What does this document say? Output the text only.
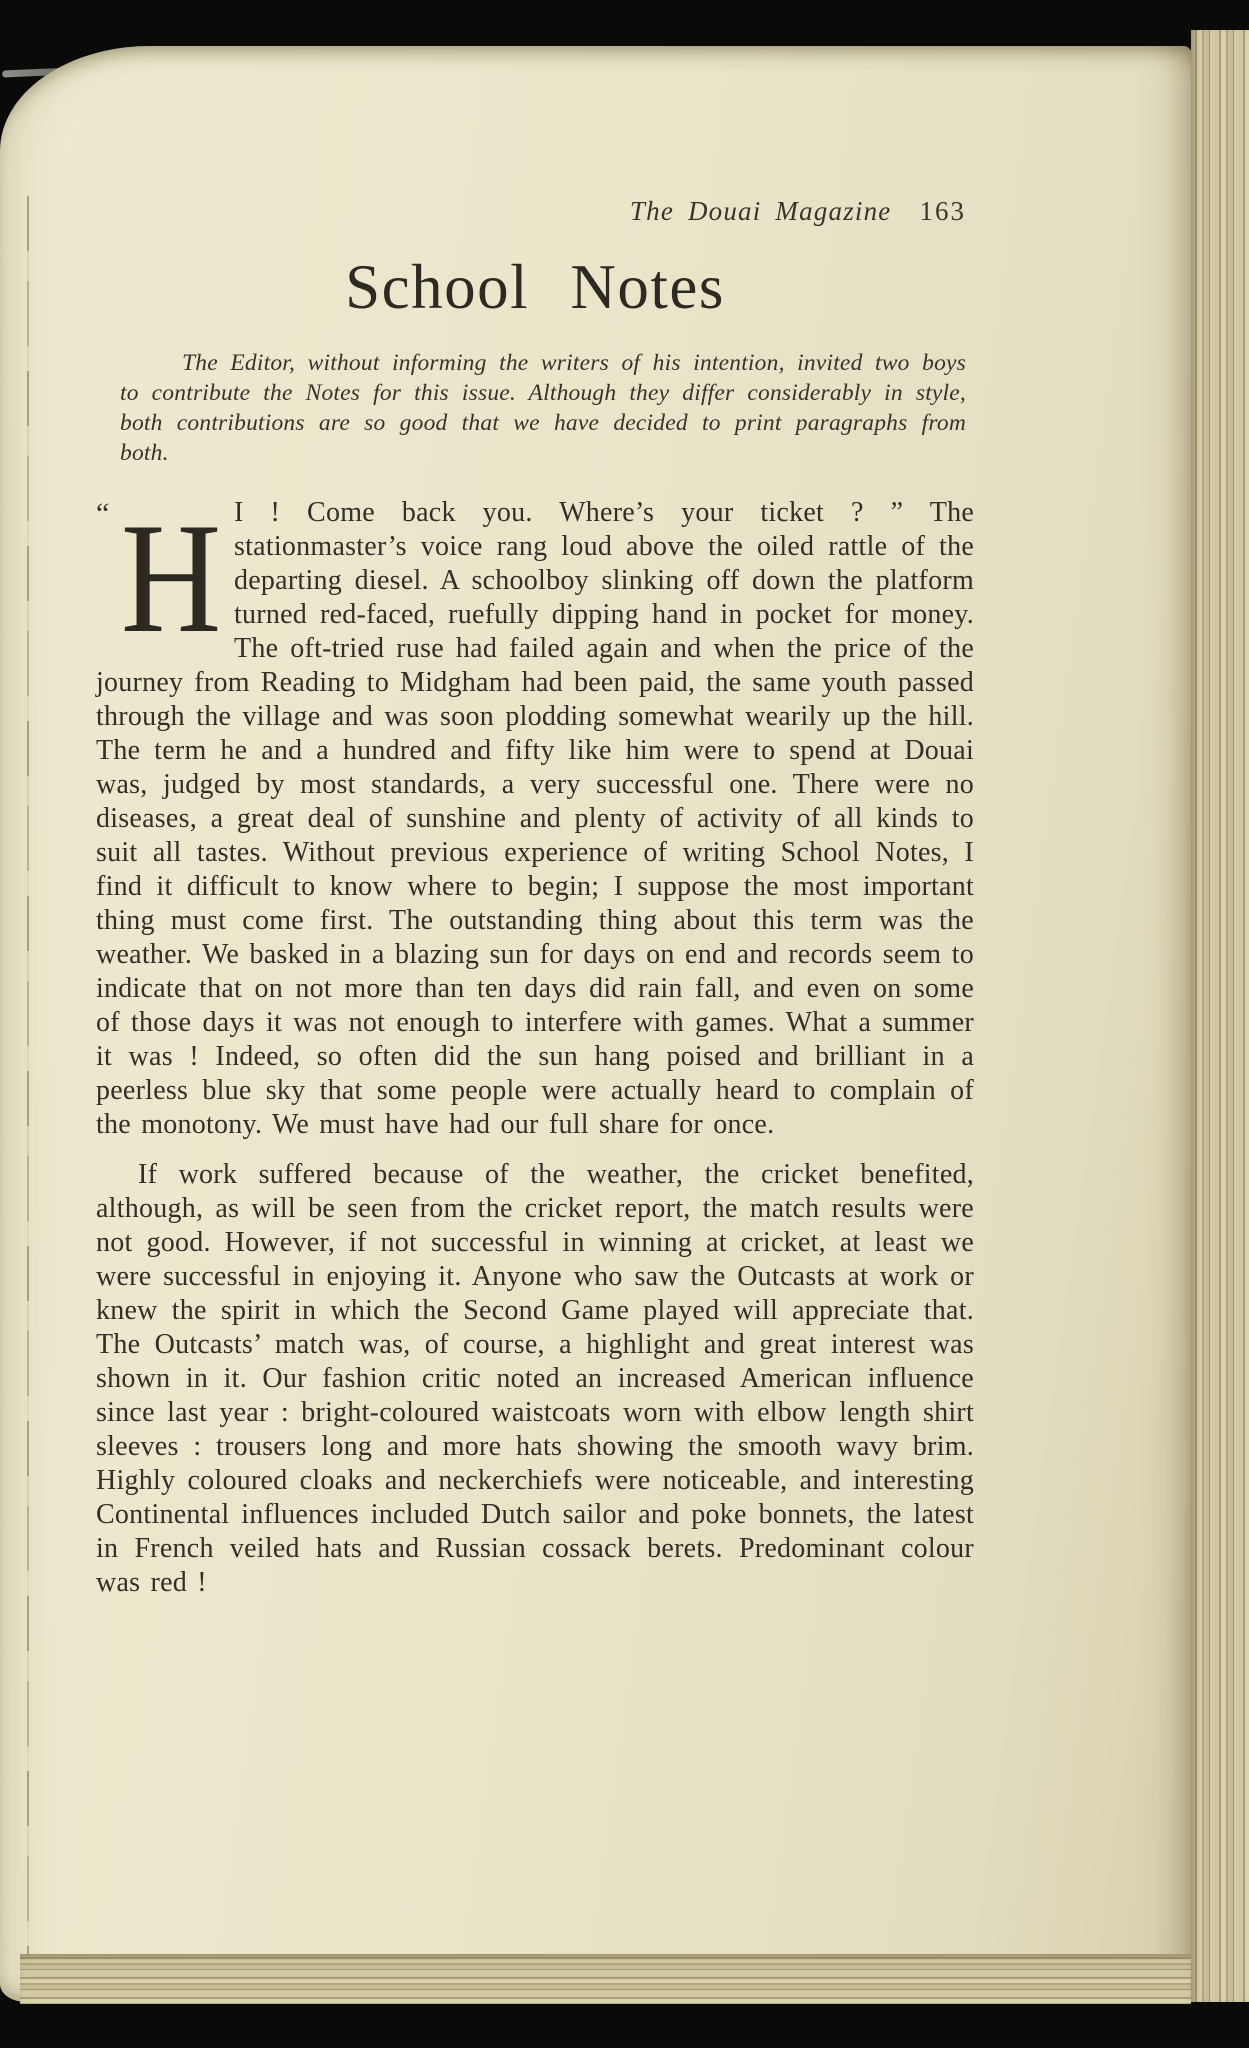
The Douai Magazine 163
School Notes
The Editor, without informing the writers of his intention, invited two boys to contribute the Notes for this issue. Although they differ considerably in style, both contributions are so good that we have decided to print paragraphs from both.
“ H I ! Come back you. Where’s your ticket ? ” The stationmaster’s voice rang loud above the oiled rattle of the departing diesel. A schoolboy slinking off down the platform turned red-faced, ruefully dipping hand in pocket for money. The oft-tried ruse had failed again and when the price of the journey from Reading to Midgham had been paid, the same youth passed through the village and was soon plodding somewhat wearily up the hill. The term he and a hundred and fifty like him were to spend at Douai was, judged by most standards, a very successful one. There were no diseases, a great deal of sunshine and plenty of activity of all kinds to suit all tastes. Without previous experience of writing School Notes, I find it difficult to know where to begin; I suppose the most important thing must come first. The outstanding thing about this term was the weather. We basked in a blazing sun for days on end and records seem to indicate that on not more than ten days did rain fall, and even on some of those days it was not enough to interfere with games. What a summer it was ! Indeed, so often did the sun hang poised and brilliant in a peerless blue sky that some people were actually heard to complain of the monotony. We must have had our full share for once.
If work suffered because of the weather, the cricket benefited, although, as will be seen from the cricket report, the match results were not good. However, if not successful in winning at cricket, at least we were successful in enjoying it. Anyone who saw the Outcasts at work or knew the spirit in which the Second Game played will appreciate that. The Outcasts’ match was, of course, a highlight and great interest was shown in it. Our fashion critic noted an increased American influence since last year : bright-coloured waistcoats worn with elbow length shirt sleeves : trousers long and more hats showing the smooth wavy brim. Highly coloured cloaks and neckerchiefs were noticeable, and interesting Continental influences included Dutch sailor and poke bonnets, the latest in French veiled hats and Russian cossack berets. Predominant colour was red !
